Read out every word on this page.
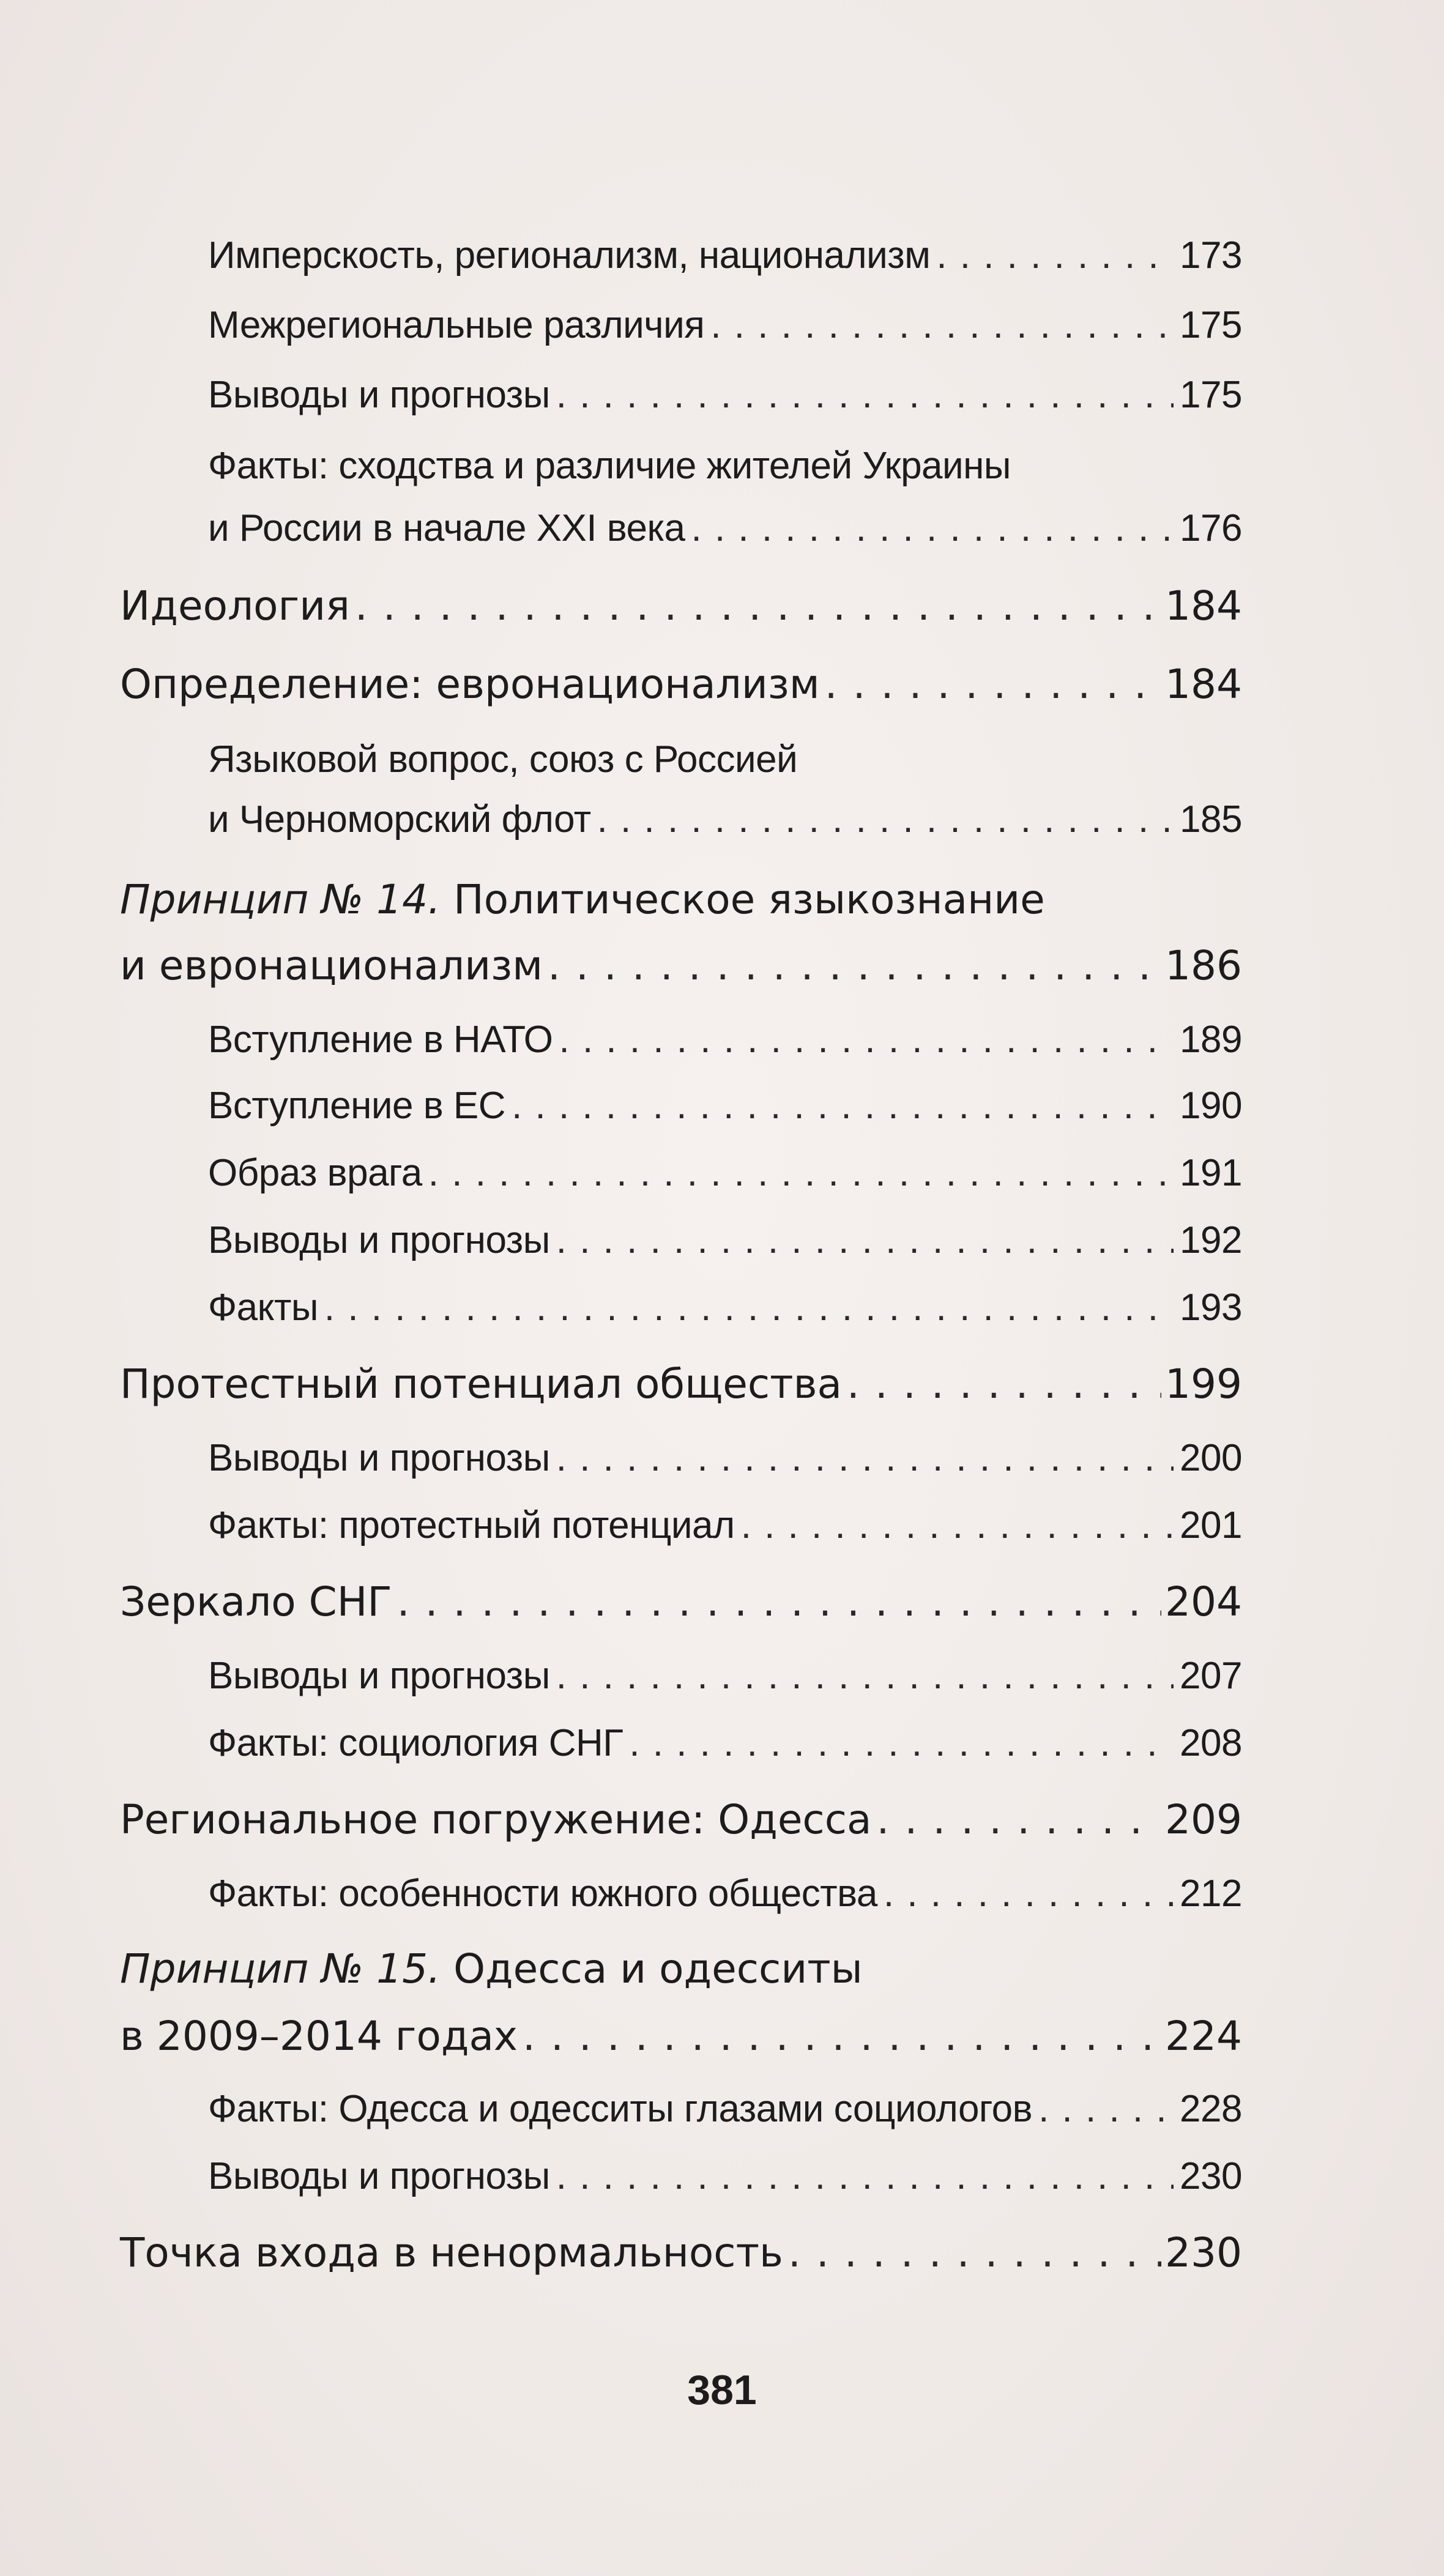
Имперскость, регионализм, национализм . . .	173
Межрегиональные различия . . .	175
Выводы и прогнозы . . .	175
Факты: сходства и различие жителей Украины
и России в начале XXI века . . .	176
Идеология . . .	184
Определение: евронационализм . . .	184
Языковой вопрос, союз с Россией
и Черноморский флот . . .	185
Принцип № 14. Политическое языкознание
и евронационализм . . .	186
Вступление в НАТО . . .	189
Вступление в ЕС . . .	190
Образ врага . . .	191
Выводы и прогнозы . . .	192
Факты . . .	193
Протестный потенциал общества . . .	199
Выводы и прогнозы . . .	200
Факты: протестный потенциал . . .	201
Зеркало СНГ . . .	204
Выводы и прогнозы . . .	207
Факты: социология СНГ . . .	208
Региональное погружение: Одесса . . .	209
Факты: особенности южного общества . . .	212
Принцип № 15. Одесса и одесситы
в 2009–2014 годах . . .	224
Факты: Одесса и одесситы глазами социологов . . .	228
Выводы и прогнозы . . .	230
Точка входа в ненормальность . . .	230
381
